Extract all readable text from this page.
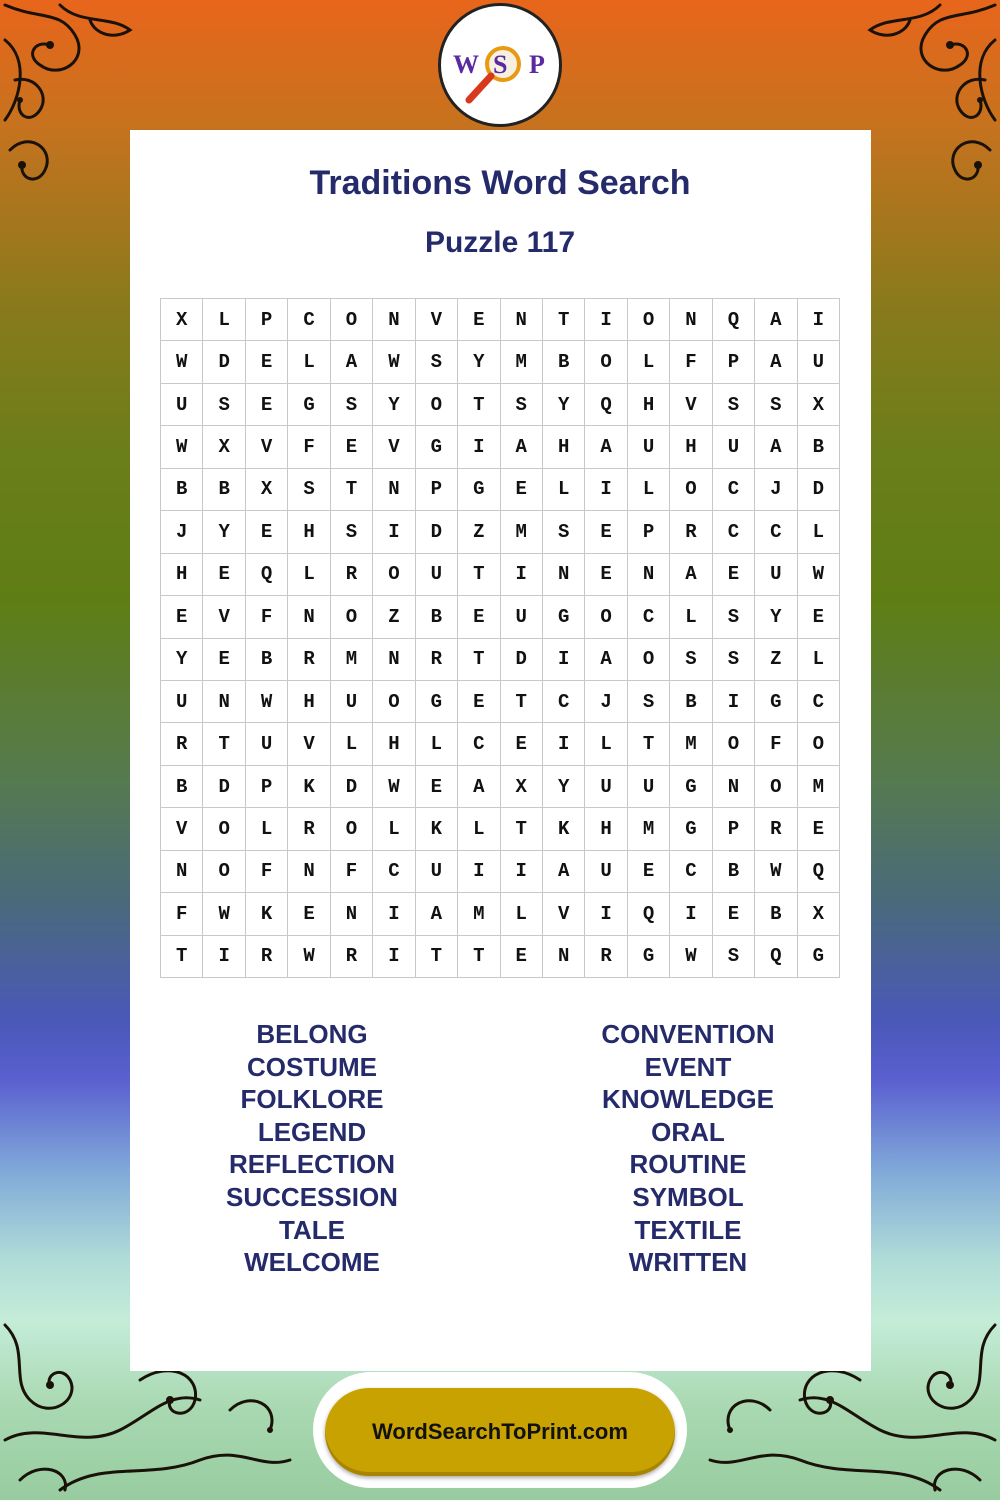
W S P
Traditions Word Search
Puzzle 117
X	L	P	C	O	N	V	E	N	T	I	O	N	Q	A	I
W	D	E	L	A	W	S	Y	M	B	O	L	F	P	A	U
U	S	E	G	S	Y	O	T	S	Y	Q	H	V	S	S	X
W	X	V	F	E	V	G	I	A	H	A	U	H	U	A	B
B	B	X	S	T	N	P	G	E	L	I	L	O	C	J	D
J	Y	E	H	S	I	D	Z	M	S	E	P	R	C	C	L
H	E	Q	L	R	O	U	T	I	N	E	N	A	E	U	W
E	V	F	N	O	Z	B	E	U	G	O	C	L	S	Y	E
Y	E	B	R	M	N	R	T	D	I	A	O	S	S	Z	L
U	N	W	H	U	O	G	E	T	C	J	S	B	I	G	C
R	T	U	V	L	H	L	C	E	I	L	T	M	O	F	O
B	D	P	K	D	W	E	A	X	Y	U	U	G	N	O	M
V	O	L	R	O	L	K	L	T	K	H	M	G	P	R	E
N	O	F	N	F	C	U	I	I	A	U	E	C	B	W	Q
F	W	K	E	N	I	A	M	L	V	I	Q	I	E	B	X
T	I	R	W	R	I	T	T	E	N	R	G	W	S	Q	G
BELONG
COSTUME
FOLKLORE
LEGEND
REFLECTION
SUCCESSION
TALE
WELCOME
CONVENTION
EVENT
KNOWLEDGE
ORAL
ROUTINE
SYMBOL
TEXTILE
WRITTEN
WordSearchToPrint.com
